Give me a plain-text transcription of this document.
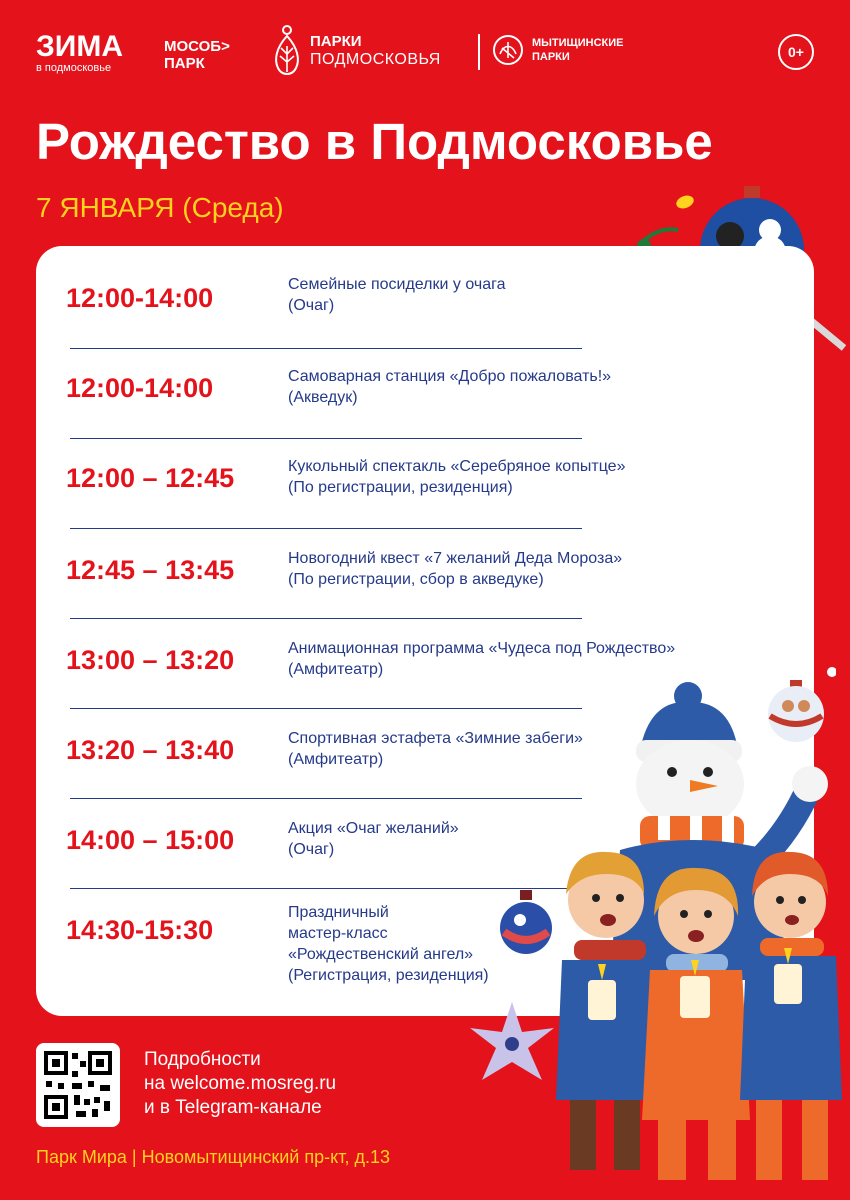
ЗИМА
в подмосковье
МОСОБ>
ПАРК
ПАРКИ
ПОДМОСКОВЬЯ
МЫТИЩИНСКИЕ
ПАРКИ	0+
Рождество в Подмосковье
7 ЯНВАРЯ (Среда)
12:00-14:00	Семейные посиделки у очага
(Очаг)
12:00-14:00	Самоварная станция «Добро пожаловать!»
(Акведук)
12:00 – 12:45	Кукольный спектакль «Серебряное копытце»
(По регистрации, резиденция)
12:45 – 13:45	Новогодний квест «7 желаний Деда Мороза»
(По регистрации, сбор в акведуке)
13:00 – 13:20	Анимационная программа «Чудеса под Рождество»
(Амфитеатр)
13:20 – 13:40	Спортивная эстафета «Зимние забеги»
(Амфитеатр)
14:00 – 15:00	Акция «Очаг желаний»
(Очаг)
14:30-15:30
Праздничный
мастер-класс
«Рождественский ангел»
(Регистрация, резиденция)
Подробности
на welcome.mosreg.ru
и в Telegram-канале
Парк Мира | Новомытищинский пр-кт, д.13
